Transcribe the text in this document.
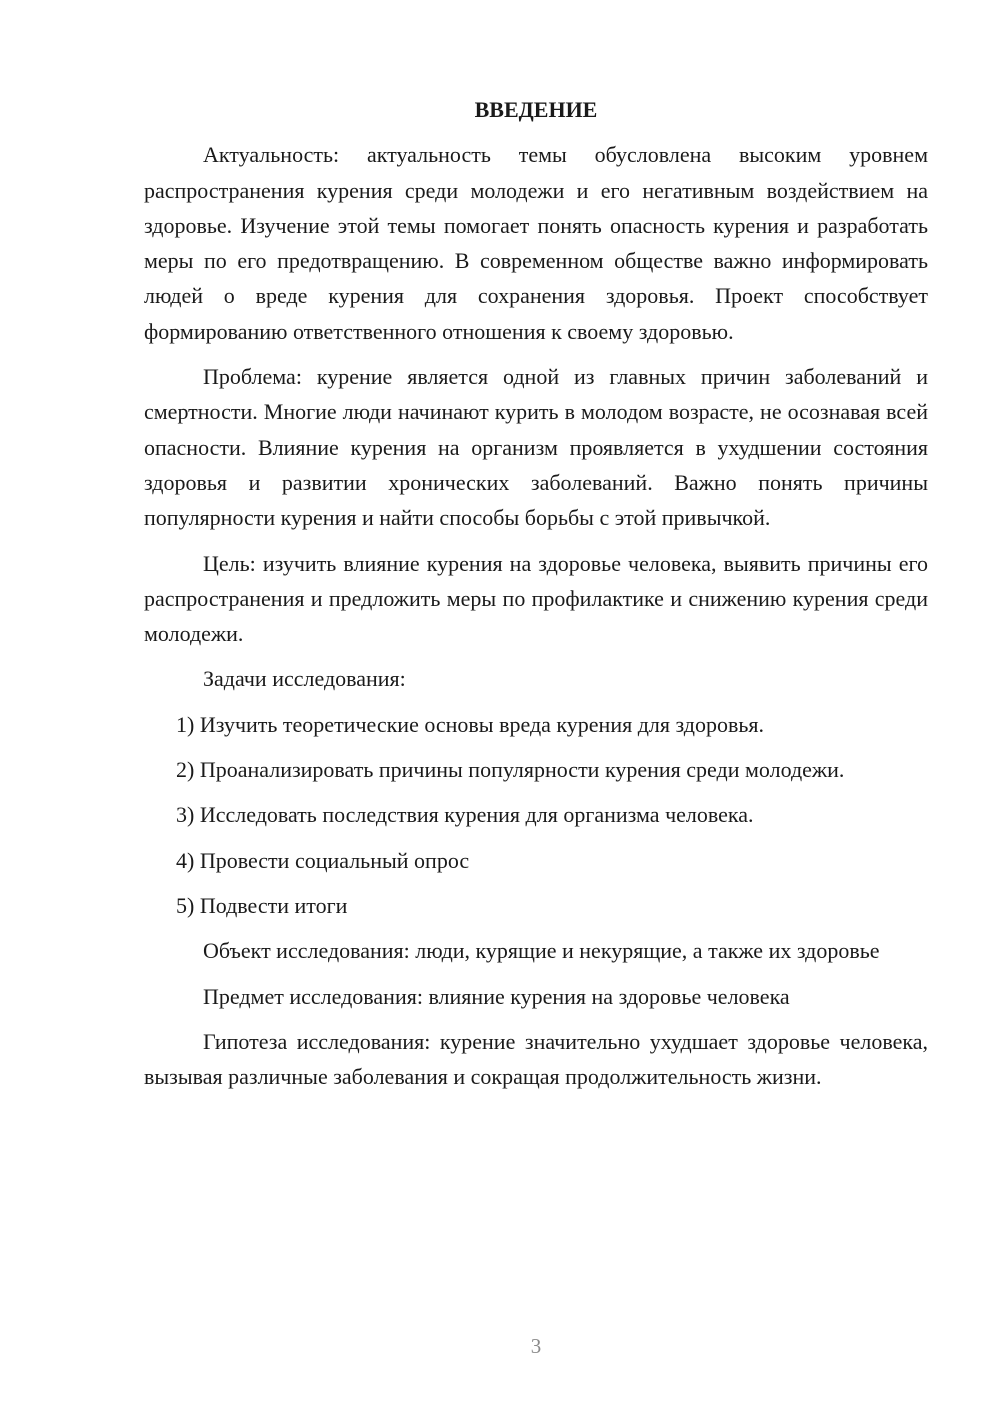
ВВЕДЕНИЕ

Актуальность: актуальность темы обусловлена высоким уровнем распространения курения среди молодежи и его негативным воздействием на здоровье. Изучение этой темы помогает понять опасность курения и разработать меры по его предотвращению. В современном обществе важно информировать людей о вреде курения для сохранения здоровья. Проект способствует формированию ответственного отношения к своему здоровью.

Проблема: курение является одной из главных причин заболеваний и смертности. Многие люди начинают курить в молодом возрасте, не осознавая всей опасности. Влияние курения на организм проявляется в ухудшении состояния здоровья и развитии хронических заболеваний. Важно понять причины популярности курения и найти способы борьбы с этой привычкой.

Цель: изучить влияние курения на здоровье человека, выявить причины его распространения и предложить меры по профилактике и снижению курения среди молодежи.

Задачи исследования:

1) Изучить теоретические основы вреда курения для здоровья.

2) Проанализировать причины популярности курения среди молодежи.

3) Исследовать последствия курения для организма человека.

4) Провести социальный опрос

5) Подвести итоги

Объект исследования: люди, курящие и некурящие, а также их здоровье

Предмет исследования: влияние курения на здоровье человека

Гипотеза исследования: курение значительно ухудшает здоровье человека, вызывая различные заболевания и сокращая продолжительность жизни.

3
